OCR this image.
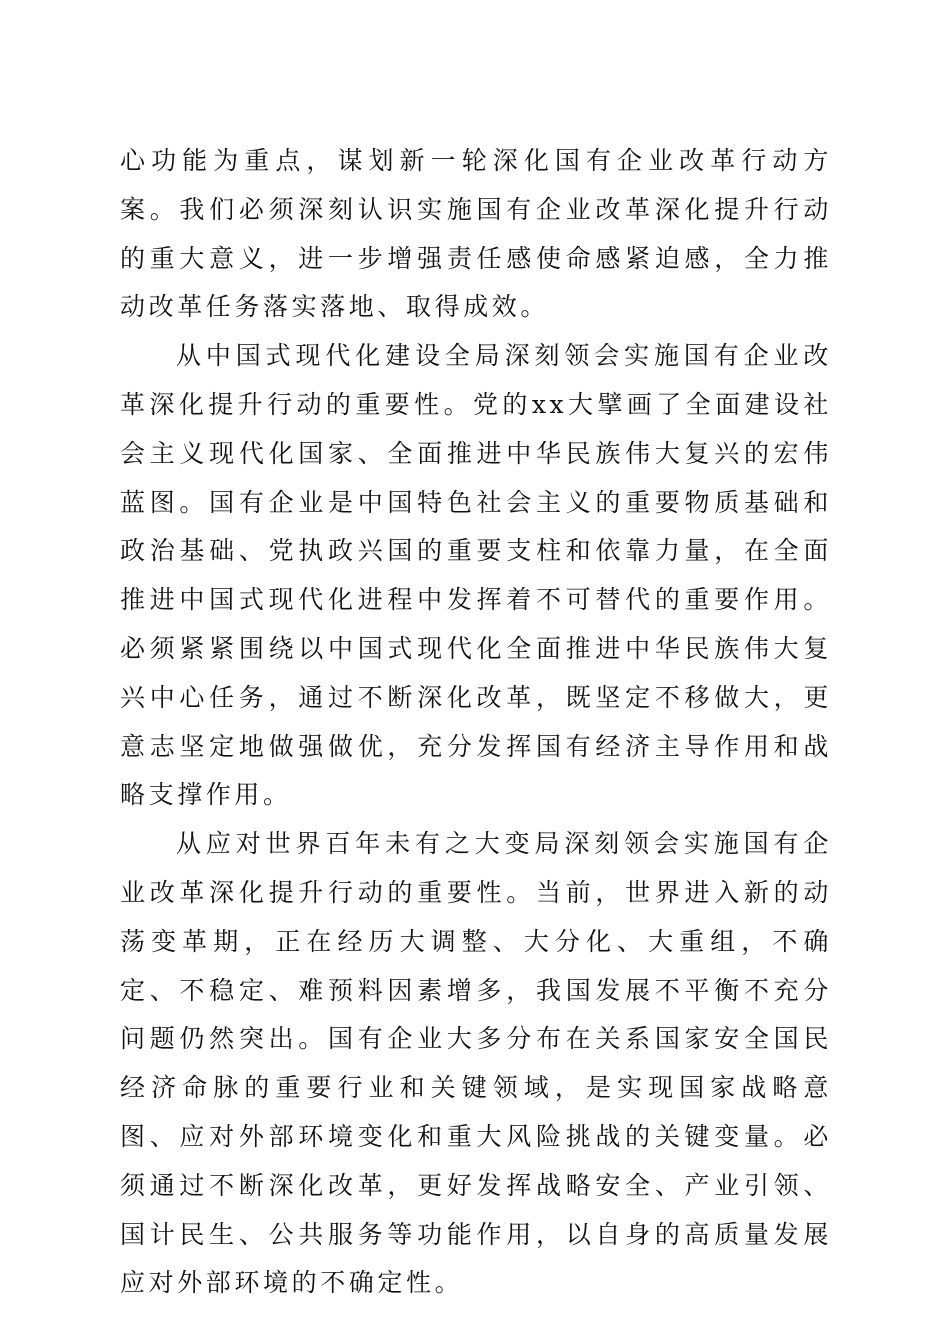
心功能为重点，谋划新一轮深化国有企业改革行动方案。我们必须深刻认识实施国有企业改革深化提升行动的重大意义，进一步增强责任感使命感紧迫感，全力推动改革任务落实落地、取得成效。

从中国式现代化建设全局深刻领会实施国有企业改革深化提升行动的重要性。党的xx大擘画了全面建设社会主义现代化国家、全面推进中华民族伟大复兴的宏伟蓝图。国有企业是中国特色社会主义的重要物质基础和政治基础、党执政兴国的重要支柱和依靠力量，在全面推进中国式现代化进程中发挥着不可替代的重要作用。必须紧紧围绕以中国式现代化全面推进中华民族伟大复兴中心任务，通过不断深化改革，既坚定不移做大，更意志坚定地做强做优，充分发挥国有经济主导作用和战略支撑作用。

从应对世界百年未有之大变局深刻领会实施国有企业改革深化提升行动的重要性。当前，世界进入新的动荡变革期，正在经历大调整、大分化、大重组，不确定、不稳定、难预料因素增多，我国发展不平衡不充分问题仍然突出。国有企业大多分布在关系国家安全国民经济命脉的重要行业和关键领域，是实现国家战略意图、应对外部环境变化和重大风险挑战的关键变量。必须通过不断深化改革，更好发挥战略安全、产业引领、国计民生、公共服务等功能作用，以自身的高质量发展应对外部环境的不确定性。
